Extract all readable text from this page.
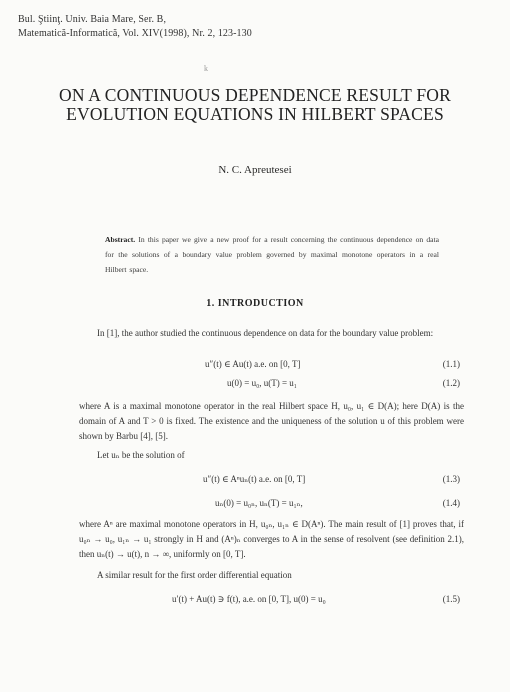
Bul. Ştiinţ. Univ. Baia Mare, Ser. B,
Matematică-Informatică, Vol. XIV(1998), Nr. 2, 123-130
k
ON A CONTINUOUS DEPENDENCE RESULT FOR EVOLUTION EQUATIONS IN HILBERT SPACES
N. C. Apreutesei
Abstract. In this paper we give a new proof for a result concerning the continuous dependence on data for the solutions of a boundary value problem governed by maximal monotone operators in a real Hilbert space.
1. INTRODUCTION
In [1], the author studied the continuous dependence on data for the boundary value problem:
u″(t) ∈ Au(t) a.e. on [0, T]	(1.1)
u(0) = u₀, u(T) = u₁	(1.2)
where A is a maximal monotone operator in the real Hilbert space H, u₀, u₁ ∈ D(A); here D(A) is the domain of A and T > 0 is fixed. The existence and the uniqueness of the solution u of this problem were shown by Barbu [4], [5].
Let uₙ be the solution of
u″(t) ∈ Aⁿuₙ(t) a.e. on [0, T]	(1.3)
uₙ(0) = u₀ₙ, uₙ(T) = u₁ₙ,	(1.4)
where Aⁿ are maximal monotone operators in H, u₀ₙ, u₁ₙ ∈ D(Aⁿ). The main result of [1] proves that, if u₀ₙ → u₀, u₁ₙ → u₁ strongly in H and (Aⁿ)ₙ converges to A in the sense of resolvent (see definition 2.1), then uₙ(t) → u(t), n → ∞, uniformly on [0, T].
A similar result for the first order differential equation
u′(t) + Au(t) ∋ f(t), a.e. on [0, T], u(0) = u₀	(1.5)
